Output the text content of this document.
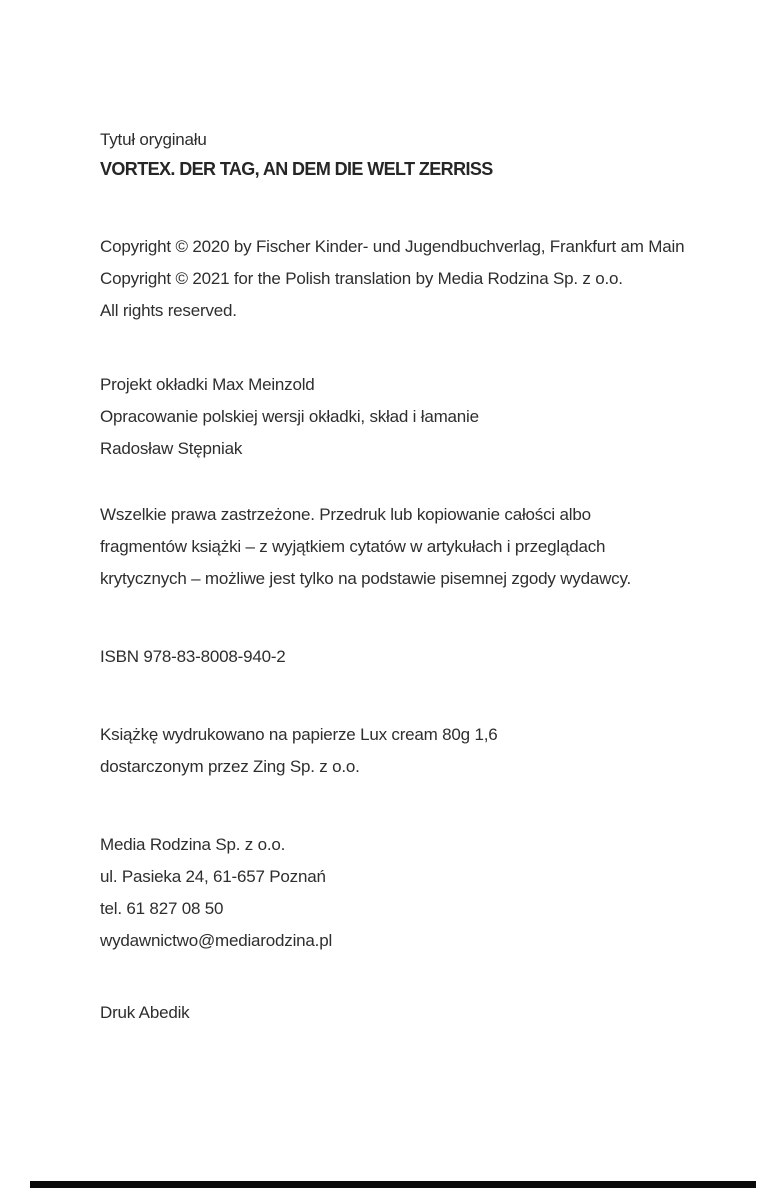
Tytuł oryginału
VORTEX. DER TAG, AN DEM DIE WELT ZERRISS
Copyright © 2020 by Fischer Kinder- und Jugendbuchverlag, Frankfurt am Main
Copyright © 2021 for the Polish translation by Media Rodzina Sp. z o.o.
All rights reserved.
Projekt okładki Max Meinzold
Opracowanie polskiej wersji okładki, skład i łamanie
Radosław Stępniak
Wszelkie prawa zastrzeżone. Przedruk lub kopiowanie całości albo
fragmentów książki – z wyjątkiem cytatów w artykułach i przeglądach
krytycznych – możliwe jest tylko na podstawie pisemnej zgody wydawcy.
ISBN 978-83-8008-940-2
Książkę wydrukowano na papierze Lux cream 80g 1,6
dostarczonym przez Zing Sp. z o.o.
Media Rodzina Sp. z o.o.
ul. Pasieka 24, 61-657 Poznań
tel. 61 827 08 50
wydawnictwo@mediarodzina.pl
Druk Abedik
